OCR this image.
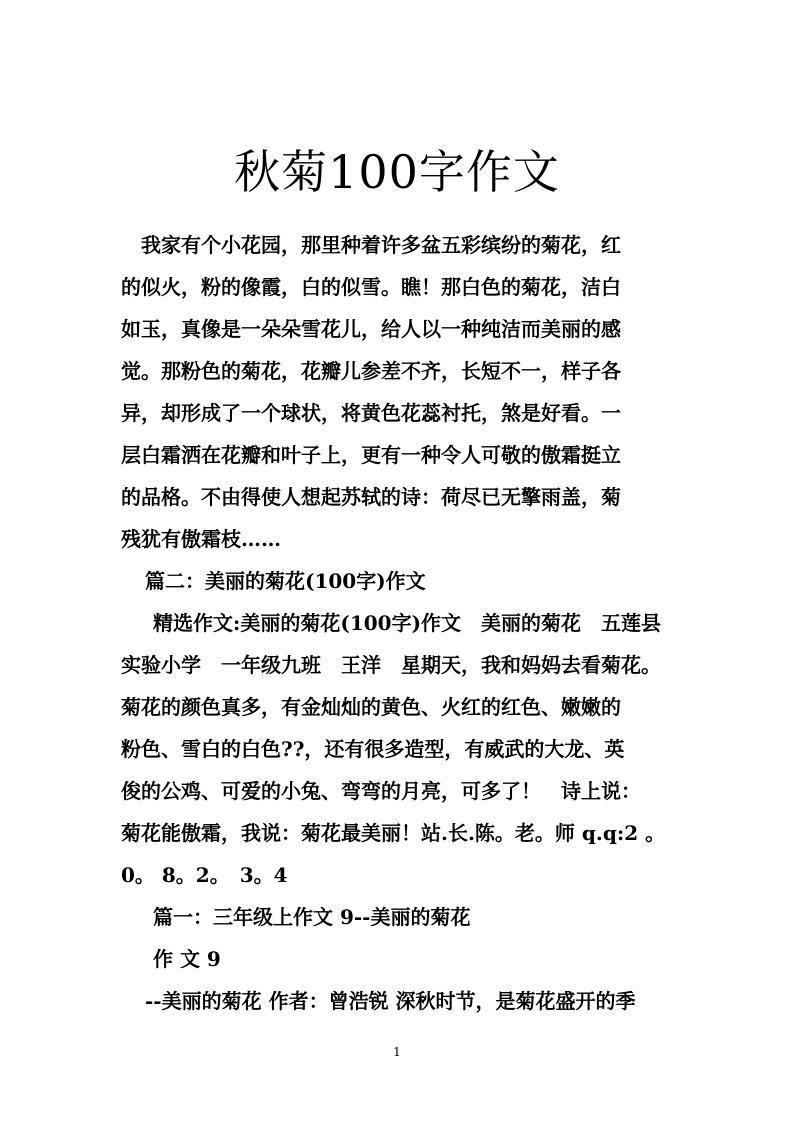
秋菊100字作文

我家有个小花园，那里种着许多盆五彩缤纷的菊花，红

的似火，粉的像霞，白的似雪。瞧！那白色的菊花，洁白

如玉，真像是一朵朵雪花儿，给人以一种纯洁而美丽的感

觉。那粉色的菊花，花瓣儿参差不齐，长短不一，样子各

异，却形成了一个球状，将黄色花蕊衬托，煞是好看。一

层白霜洒在花瓣和叶子上，更有一种令人可敬的傲霜挺立

的品格。不由得使人想起苏轼的诗：荷尽已无擎雨盖，菊

残犹有傲霜枝……

篇二：美丽的菊花(100字)作文

精选作文:美丽的菊花(100字)作文　美丽的菊花　五莲县

实验小学　一年级九班　王洋　星期天，我和妈妈去看菊花。

菊花的颜色真多，有金灿灿的黄色、火红的红色、嫩嫩的

粉色、雪白的白色??，还有很多造型，有威武的大龙、英

俊的公鸡、可爱的小兔、弯弯的月亮，可多了！　诗上说：

菊花能傲霜，我说：菊花最美丽！站.长.陈。老。师 q.q:2 。

0。 8。2。　3。4

篇一：三年级上作文 9--美丽的菊花

作 文 9

--美丽的菊花 作者：曾浩锐 深秋时节，是菊花盛开的季

1
